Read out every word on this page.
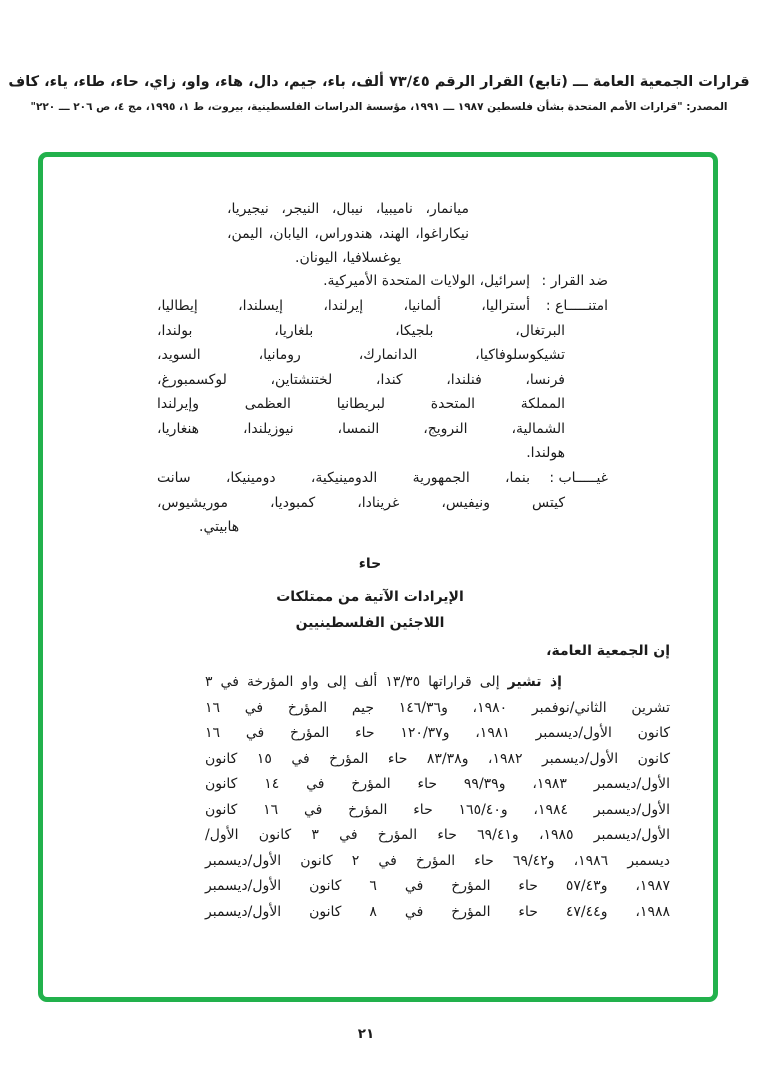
قرارات الجمعية العامة ـــ (تابع) القرار الرقم ٧٣/٤٥ ألف، باء، جيم، دال، هاء، واو، زاي، حاء، طاء، ياء، كاف
المصدر: "قرارات الأمم المتحدة بشأن فلسطين ١٩٨٧ ـــ ١٩٩١، مؤسسة الدراسات الفلسطينية، بيروت، ط ١، ١٩٩٥، مج ٤، ص ٢٠٦ ـــ ٢٢٠"
ميانمار، ناميبيا، نيبال، النيجر، نيجيريا،
نيكاراغوا، الهند، هندوراس، اليابان، اليمن،
يوغسلافيا، اليونان.
ضد القرار :
إسرائيل، الولايات المتحدة الأميركية.
امتنـــــاع :
أستراليا، ألمانيا، إيرلندا، إيسلندا، إيطاليا،
البرتغال، بلجيكا، بلغاريا، بولندا،
تشيكوسلوفاكيا، الدانمارك، رومانيا، السويد،
فرنسا، فنلندا، كندا، لختنشتاين، لوكسمبورغ،
المملكة المتحدة لبريطانيا العظمى وإيرلندا
الشمالية، النرويج، النمسا، نيوزيلندا، هنغاريا،
هولندا.
غيـــــاب :
بنما، الجمهورية الدومينيكية، دومينيكا، سانت
كيتس ونيفيس، غرينادا، كمبوديا، موريشيوس،
هابيتي.
حاء
الإيرادات الآتية من ممتلكات
اللاجئين الفلسطينيين
إن الجمعية العامة،
إذ تشير إلى قراراتها ١٣/٣٥ ألف إلى واو المؤرخة في ٣
تشرين الثاني/نوفمبر ١٩٨٠، و١٤٦/٣٦ جيم المؤرخ في ١٦
كانون الأول/ديسمبر ١٩٨١، و١٢٠/٣٧ حاء المؤرخ في ١٦
كانون الأول/ديسمبر ١٩٨٢، و٨٣/٣٨ حاء المؤرخ في ١٥ كانون
الأول/ديسمبر ١٩٨٣، و٩٩/٣٩ حاء المؤرخ في ١٤ كانون
الأول/ديسمبر ١٩٨٤، و١٦٥/٤٠ حاء المؤرخ في ١٦ كانون
الأول/ديسمبر ١٩٨٥، و٦٩/٤١ حاء المؤرخ في ٣ كانون الأول/
ديسمبر ١٩٨٦، و٦٩/٤٢ حاء المؤرخ في ٢ كانون الأول/ديسمبر
١٩٨٧، و٥٧/٤٣ حاء المؤرخ في ٦ كانون الأول/ديسمبر
١٩٨٨، و٤٧/٤٤ حاء المؤرخ في ٨ كانون الأول/ديسمبر
٢١
